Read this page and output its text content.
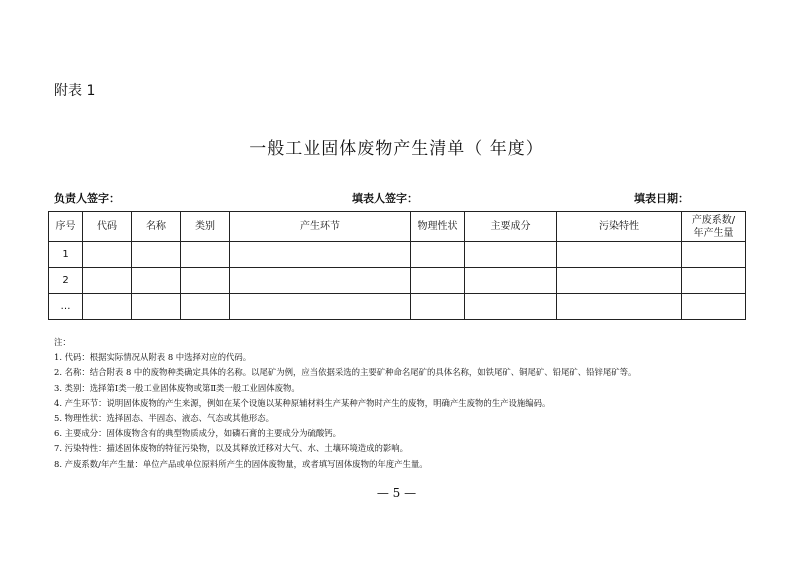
附表 1
一般工业固体废物产生清单（ 年度）
负责人签字：	填表人签字：	填表日期：
序号	代码	名称	类别	产生环节	物理性状	主要成分	污染特性	产废系数/
年产生量
1								
2								
…								
注：
1. 代码：根据实际情况从附表 8 中选择对应的代码。
2. 名称：结合附表 8 中的废物种类确定具体的名称。以尾矿为例，应当依据采选的主要矿种命名尾矿的具体名称，如铁尾矿、铜尾矿、铅尾矿、铅锌尾矿等。
3. 类别：选择第Ⅰ类一般工业固体废物或第Ⅱ类一般工业固体废物。
4. 产生环节：说明固体废物的产生来源，例如在某个设施以某种原辅材料生产某种产物时产生的废物，明确产生废物的生产设施编码。
5. 物理性状：选择固态、半固态、液态、气态或其他形态。
6. 主要成分：固体废物含有的典型物质成分，如磷石膏的主要成分为硫酸钙。
7. 污染特性：描述固体废物的特征污染物，以及其释放迁移对大气、水、土壤环境造成的影响。
8. 产废系数/年产生量：单位产品或单位原料所产生的固体废物量，或者填写固体废物的年度产生量。
— 5 —
